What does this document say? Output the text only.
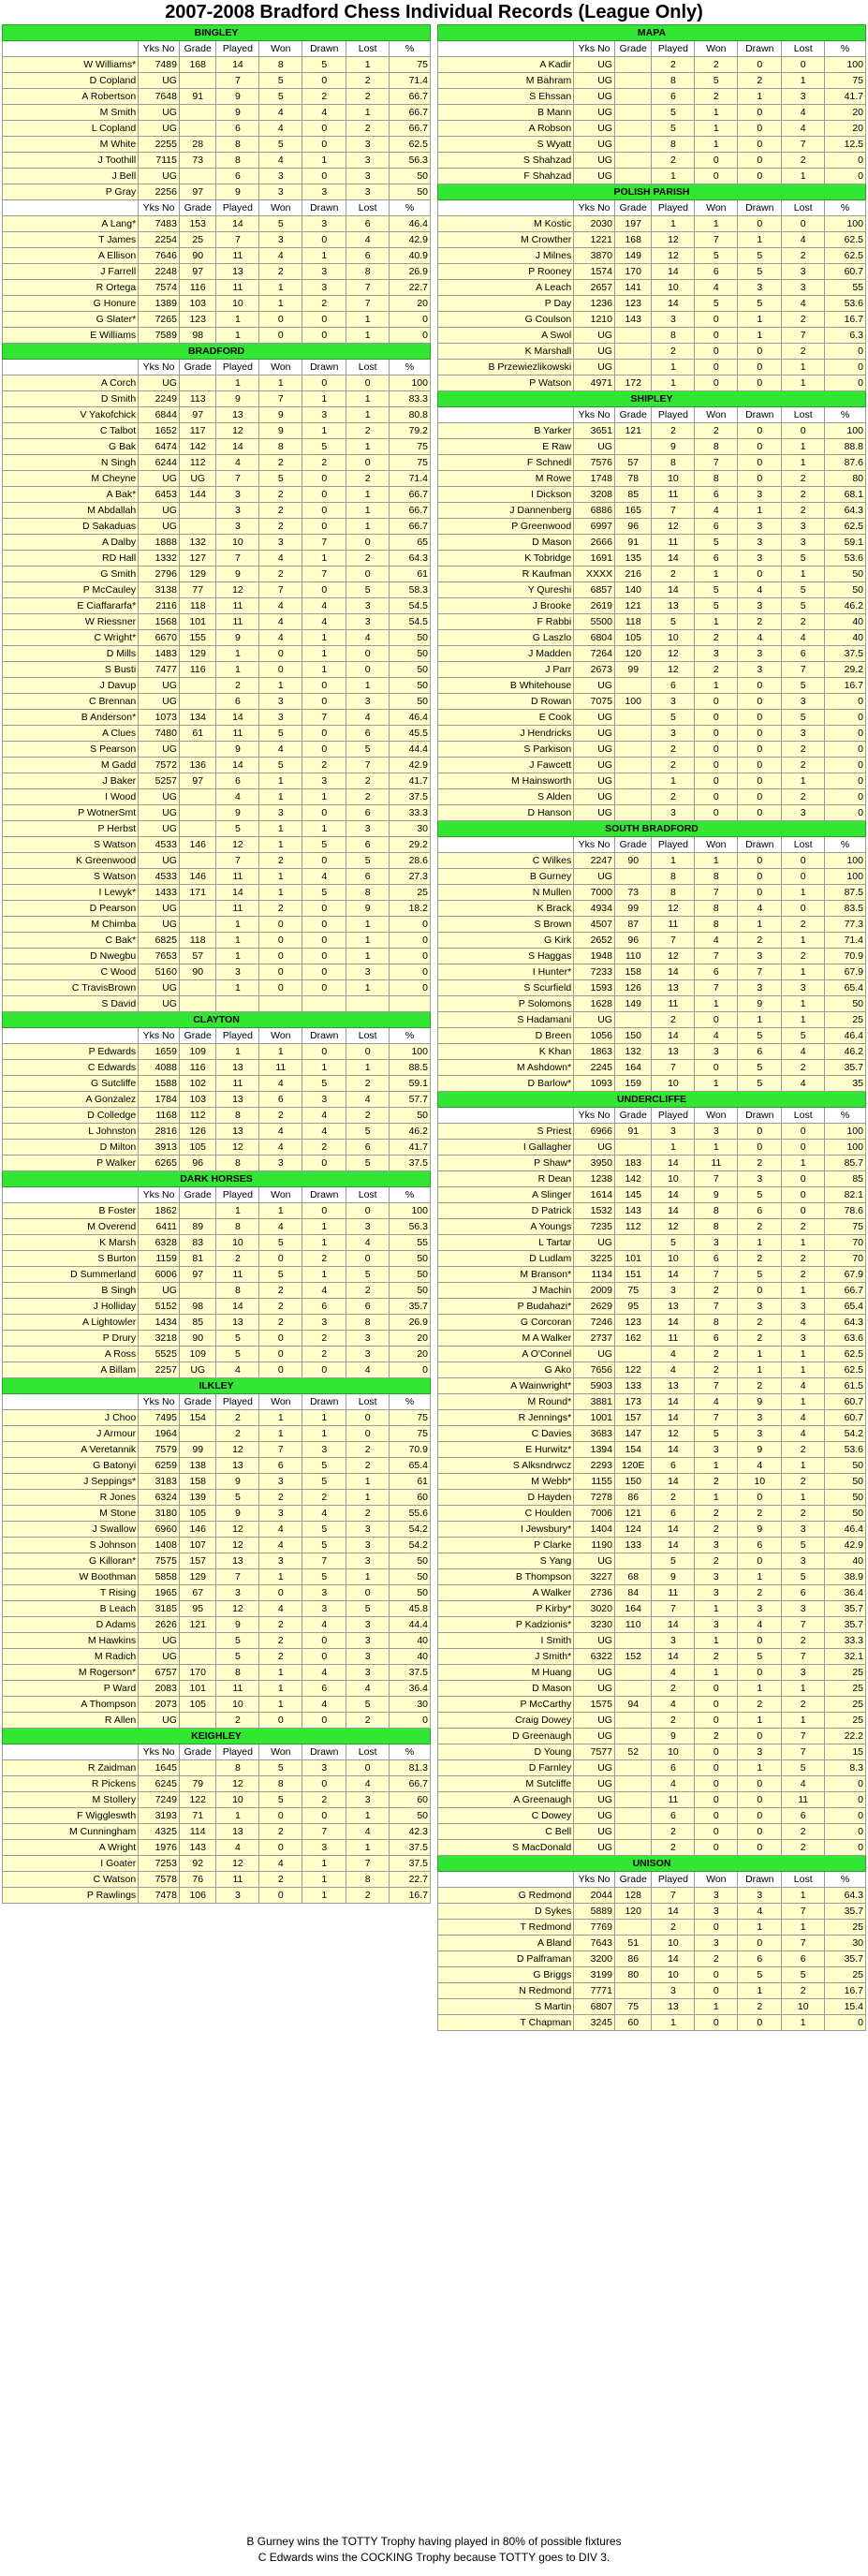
2007-2008 Bradford Chess Individual Records (League Only)
BINGLEY							
	Yks No	Grade	Played	Won	Drawn	Lost	%
W Williams*	7489	168	14	8	5	1	75
D Copland	UG		7	5	0	2	71.4
A Robertson	7648	91	9	5	2	2	66.7
M Smith	UG		9	4	4	1	66.7
L Copland	UG		6	4	0	2	66.7
M White	2255	28	8	5	0	3	62.5
J Toothill	7115	73	8	4	1	3	56.3
J Bell	UG		6	3	0	3	50
P Gray	2256	97	9	3	3	3	50
	Yks No	Grade	Played	Won	Drawn	Lost	%
A Lang*	7483	153	14	5	3	6	46.4
T James	2254	25	7	3	0	4	42.9
A Ellison	7646	90	11	4	1	6	40.9
J Farrell	2248	97	13	2	3	8	26.9
R Ortega	7574	116	11	1	3	7	22.7
G Honure	1389	103	10	1	2	7	20
G Slater*	7265	123	1	0	0	1	0
E Williams	7589	98	1	0	0	1	0
BRADFORD							
	Yks No	Grade	Played	Won	Drawn	Lost	%
A Corch	UG		1	1	0	0	100
D Smith	2249	113	9	7	1	1	83.3
V Yakofchick	6844	97	13	9	3	1	80.8
C Talbot	1652	117	12	9	1	2	79.2
G Bak	6474	142	14	8	5	1	75
N Singh	6244	112	4	2	2	0	75
M Cheyne	UG	UG	7	5	0	2	71.4
A Bak*	6453	144	3	2	0	1	66.7
M Abdallah	UG		3	2	0	1	66.7
D Sakaduas	UG		3	2	0	1	66.7
A Dalby	1888	132	10	3	7	0	65
RD Hall	1332	127	7	4	1	2	64.3
G Smith	2796	129	9	2	7	0	61
P McCauley	3138	77	12	7	0	5	58.3
E Ciaffararfa*	2116	118	11	4	4	3	54.5
W Riessner	1568	101	11	4	4	3	54.5
C Wright*	6670	155	9	4	1	4	50
D Mills	1483	129	1	0	1	0	50
S Busti	7477	116	1	0	1	0	50
J Davup	UG		2	1	0	1	50
C Brennan	UG		6	3	0	3	50
B Anderson*	1073	134	14	3	7	4	46.4
A Clues	7480	61	11	5	0	6	45.5
S Pearson	UG		9	4	0	5	44.4
M Gadd	7572	136	14	5	2	7	42.9
J Baker	5257	97	6	1	3	2	41.7
I Wood	UG		4	1	1	2	37.5
P WotnerSmt	UG		9	3	0	6	33.3
P Herbst	UG		5	1	1	3	30
S Watson	4533	146	12	1	5	6	29.2
K Greenwood	UG		7	2	0	5	28.6
S Watson	4533	146	11	1	4	6	27.3
I Lewyk*	1433	171	14	1	5	8	25
D Pearson	UG		11	2	0	9	18.2
M Chimba	UG		1	0	0	1	0
C Bak*	6825	118	1	0	0	1	0
D Nwegbu	7653	57	1	0	0	1	0
C Wood	5160	90	3	0	0	3	0
C TravisBrown	UG		1	0	0	1	0
S David	UG						
CLAYTON							
	Yks No	Grade	Played	Won	Drawn	Lost	%
P Edwards	1659	109	1	1	0	0	100
C Edwards	4088	116	13	11	1	1	88.5
G Sutcliffe	1588	102	11	4	5	2	59.1
A Gonzalez	1784	103	13	6	3	4	57.7
D Colledge	1168	112	8	2	4	2	50
L Johnston	2816	126	13	4	4	5	46.2
D Milton	3913	105	12	4	2	6	41.7
P Walker	6265	96	8	3	0	5	37.5
DARK HORSES							
	Yks No	Grade	Played	Won	Drawn	Lost	%
B Foster	1862		1	1	0	0	100
M Overend	6411	89	8	4	1	3	56.3
K Marsh	6328	83	10	5	1	4	55
S Burton	1159	81	2	0	2	0	50
D Summerland	6006	97	11	5	1	5	50
B Singh	UG		8	2	4	2	50
J Holliday	5152	98	14	2	6	6	35.7
A Lightowler	1434	85	13	2	3	8	26.9
P Drury	3218	90	5	0	2	3	20
A Ross	5525	109	5	0	2	3	20
A Billam	2257	UG	4	0	0	4	0
ILKLEY							
	Yks No	Grade	Played	Won	Drawn	Lost	%
J Choo	7495	154	2	1	1	0	75
J Armour	1964		2	1	1	0	75
A Veretannik	7579	99	12	7	3	2	70.9
G Batonyi	6259	138	13	6	5	2	65.4
J Seppings*	3183	158	9	3	5	1	61
R Jones	6324	139	5	2	2	1	60
M Stone	3180	105	9	3	4	2	55.6
J Swallow	6960	146	12	4	5	3	54.2
S Johnson	1408	107	12	4	5	3	54.2
G Killoran*	7575	157	13	3	7	3	50
W Boothman	5858	129	7	1	5	1	50
T Rising	1965	67	3	0	3	0	50
B Leach	3185	95	12	4	3	5	45.8
D Adams	2626	121	9	2	4	3	44.4
M Hawkins	UG		5	2	0	3	40
M Radich	UG		5	2	0	3	40
M Rogerson*	6757	170	8	1	4	3	37.5
P Ward	2083	101	11	1	6	4	36.4
A Thompson	2073	105	10	1	4	5	30
R Allen	UG		2	0	0	2	0
KEIGHLEY							
	Yks No	Grade	Played	Won	Drawn	Lost	%
R Zaidman	1645		8	5	3	0	81.3
R Pickens	6245	79	12	8	0	4	66.7
M Stollery	7249	122	10	5	2	3	60
F Wiggleswth	3193	71	1	0	0	1	50
M Cunningham	4325	114	13	2	7	4	42.3
A Wright	1976	143	4	0	3	1	37.5
I Goater	7253	92	12	4	1	7	37.5
C Watson	7578	76	11	2	1	8	22.7
P Rawlings	7478	106	3	0	1	2	16.7
MAPA							
	Yks No	Grade	Played	Won	Drawn	Lost	%
A Kadir	UG		2	2	0	0	100
M Bahram	UG		8	5	2	1	75
S Ehssan	UG		6	2	1	3	41.7
B Mann	UG		5	1	0	4	20
A Robson	UG		5	1	0	4	20
S Wyatt	UG		8	1	0	7	12.5
S Shahzad	UG		2	0	0	2	0
F Shahzad	UG		1	0	0	1	0
POLISH PARISH							
	Yks No	Grade	Played	Won	Drawn	Lost	%
M Kostic	2030	197	1	1	0	0	100
M Crowther	1221	168	12	7	1	4	62.5
J Milnes	3870	149	12	5	5	2	62.5
P Rooney	1574	170	14	6	5	3	60.7
A Leach	2657	141	10	4	3	3	55
P Day	1236	123	14	5	5	4	53.6
G Coulson	1210	143	3	0	1	2	16.7
A Swol	UG		8	0	1	7	6.3
K Marshall	UG		2	0	0	2	0
B Przewiezlikowski	UG		1	0	0	1	0
P Watson	4971	172	1	0	0	1	0
SHIPLEY							
	Yks No	Grade	Played	Won	Drawn	Lost	%
B Yarker	3651	121	2	2	0	0	100
E Raw	UG		9	8	0	1	88.8
F Schnedl	7576	57	8	7	0	1	87.6
M Rowe	1748	78	10	8	0	2	80
I Dickson	3208	85	11	6	3	2	68.1
J Dannenberg	6886	165	7	4	1	2	64.3
P Greenwood	6997	96	12	6	3	3	62.5
D Mason	2666	91	11	5	3	3	59.1
K Tobridge	1691	135	14	6	3	5	53.6
R Kaufman	XXXX	216	2	1	0	1	50
Y Qureshi	6857	140	14	5	4	5	50
J Brooke	2619	121	13	5	3	5	46.2
F Rabbi	5500	118	5	1	2	2	40
G Laszlo	6804	105	10	2	4	4	40
J Madden	7264	120	12	3	3	6	37.5
J Parr	2673	99	12	2	3	7	29.2
B Whitehouse	UG		6	1	0	5	16.7
D Rowan	7075	100	3	0	0	3	0
E Cook	UG		5	0	0	5	0
J Hendricks	UG		3	0	0	3	0
S Parkison	UG		2	0	0	2	0
J Fawcett	UG		2	0	0	2	0
M Hainsworth	UG		1	0	0	1	0
S Alden	UG		2	0	0	2	0
D Hanson	UG		3	0	0	3	0
SOUTH BRADFORD							
	Yks No	Grade	Played	Won	Drawn	Lost	%
C Wilkes	2247	90	1	1	0	0	100
B Gurney	UG		8	8	0	0	100
N Mullen	7000	73	8	7	0	1	87.5
K Brack	4934	99	12	8	4	0	83.5
S Brown	4507	87	11	8	1	2	77.3
G Kirk	2652	96	7	4	2	1	71.4
S Haggas	1948	110	12	7	3	2	70.9
I Hunter*	7233	158	14	6	7	1	67.9
S Scurfield	1593	126	13	7	3	3	65.4
P Solomons	1628	149	11	1	9	1	50
S Hadamani	UG		2	0	1	1	25
D Breen	1056	150	14	4	5	5	46.4
K Khan	1863	132	13	3	6	4	46.2
M Ashdown*	2245	164	7	0	5	2	35.7
D Barlow*	1093	159	10	1	5	4	35
UNDERCLIFFE							
	Yks No	Grade	Played	Won	Drawn	Lost	%
S Priest	6966	91	3	3	0	0	100
I Gallagher	UG		1	1	0	0	100
P Shaw*	3950	183	14	11	2	1	85.7
R Dean	1238	142	10	7	3	0	85
A Slinger	1614	145	14	9	5	0	82.1
D Patrick	1532	143	14	8	6	0	78.6
A Youngs	7235	112	12	8	2	2	75
L Tartar	UG		5	3	1	1	70
D Ludlam	3225	101	10	6	2	2	70
M Branson*	1134	151	14	7	5	2	67.9
J Machin	2009	75	3	2	0	1	66.7
P Budahazi*	2629	95	13	7	3	3	65.4
G Corcoran	7246	123	14	8	2	4	64.3
M A Walker	2737	162	11	6	2	3	63.6
A O'Connel	UG		4	2	1	1	62.5
G Ako	7656	122	4	2	1	1	62.5
A Wainwright*	5903	133	13	7	2	4	61.5
M Round*	3881	173	14	4	9	1	60.7
R Jennings*	1001	157	14	7	3	4	60.7
C Davies	3683	147	12	5	3	4	54.2
E Hurwitz*	1394	154	14	3	9	2	53.6
S Alksndrwcz	2293	120E	6	1	4	1	50
M Webb*	1155	150	14	2	10	2	50
D Hayden	7278	86	2	1	0	1	50
C Houlden	7006	121	6	2	2	2	50
I Jewsbury*	1404	124	14	2	9	3	46.4
P Clarke	1190	133	14	3	6	5	42.9
S Yang	UG		5	2	0	3	40
B Thompson	3227	68	9	3	1	5	38.9
A Walker	2736	84	11	3	2	6	36.4
P Kirby*	3020	164	7	1	3	3	35.7
P Kadzionis*	3230	110	14	3	4	7	35.7
I Smith	UG		3	1	0	2	33.3
J Smith*	6322	152	14	2	5	7	32.1
M Huang	UG		4	1	0	3	25
D Mason	UG		2	0	1	1	25
P McCarthy	1575	94	4	0	2	2	25
Craig Dowey	UG		2	0	1	1	25
D Greenaugh	UG		9	2	0	7	22.2
D Young	7577	52	10	0	3	7	15
D Farnley	UG		6	0	1	5	8.3
M Sutcliffe	UG		4	0	0	4	0
A Greenaugh	UG		11	0	0	11	0
C Dowey	UG		6	0	0	6	0
C Bell	UG		2	0	0	2	0
S MacDonald	UG		2	0	0	2	0
UNISON							
	Yks No	Grade	Played	Won	Drawn	Lost	%
G Redmond	2044	128	7	3	3	1	64.3
D Sykes	5889	120	14	3	4	7	35.7
T Redmond	7769		2	0	1	1	25
A Bland	7643	51	10	3	0	7	30
D Palframan	3200	86	14	2	6	6	35.7
G Briggs	3199	80	10	0	5	5	25
N Redmond	7771		3	0	1	2	16.7
S Martin	6807	75	13	1	2	10	15.4
T Chapman	3245	60	1	0	0	1	0
B Gurney wins the TOTTY Trophy having played in 80% of possible fixtures
C Edwards wins the COCKING Trophy because TOTTY goes to DIV 3.
